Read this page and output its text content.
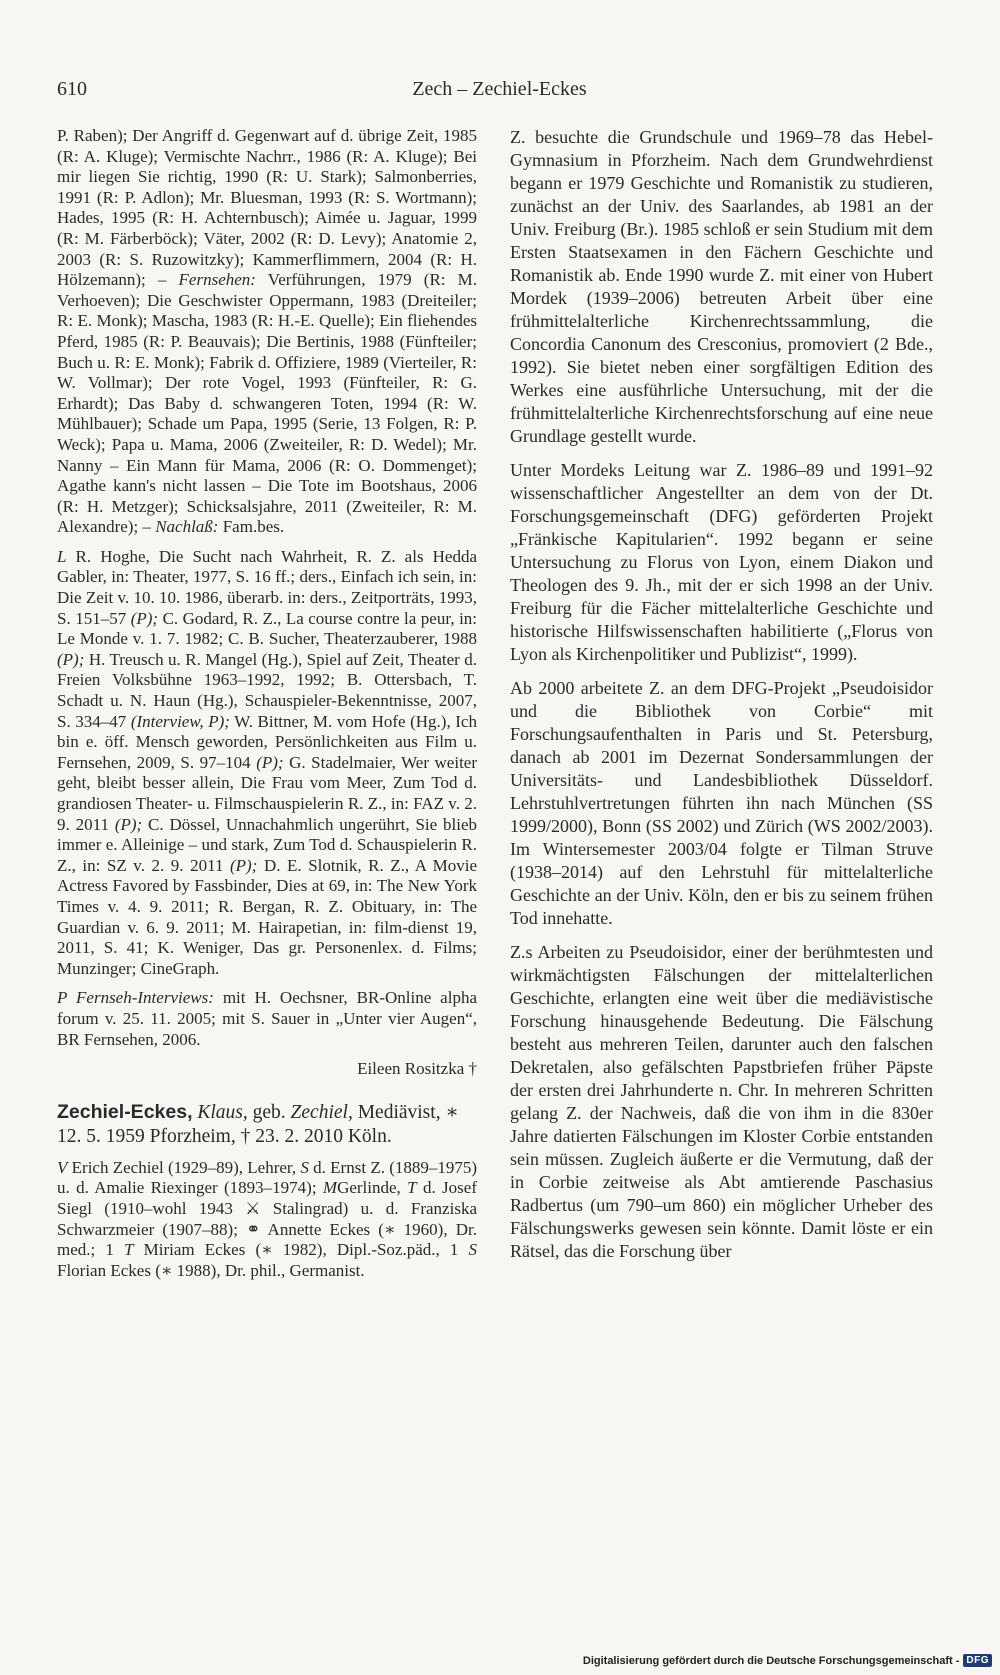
610	Zech – Zechiel-Eckes

P. Raben); Der Angriff d. Gegenwart auf d. übrige Zeit, 1985 (R: A. Kluge); Vermischte Nachrr., 1986 (R: A. Kluge); Bei mir liegen Sie richtig, 1990 (R: U. Stark); Salmonberries, 1991 (R: P. Adlon); Mr. Bluesman, 1993 (R: S. Wortmann); Hades, 1995 (R: H. Achternbusch); Aimée u. Jaguar, 1999 (R: M. Färberböck); Väter, 2002 (R: D. Levy); Anatomie 2, 2003 (R: S. Ruzowitzky); Kammerflimmern, 2004 (R: H. Hölzemann); – Fernsehen: Verführungen, 1979 (R: M. Verhoeven); Die Geschwister Oppermann, 1983 (Dreiteiler; R: E. Monk); Mascha, 1983 (R: H.-E. Quelle); Ein fliehendes Pferd, 1985 (R: P. Beauvais); Die Bertinis, 1988 (Fünfteiler; Buch u. R: E. Monk); Fabrik d. Offiziere, 1989 (Vierteiler, R: W. Vollmar); Der rote Vogel, 1993 (Fünfteiler, R: G. Erhardt); Das Baby d. schwangeren Toten, 1994 (R: W. Mühlbauer); Schade um Papa, 1995 (Serie, 13 Folgen, R: P. Weck); Papa u. Mama, 2006 (Zweiteiler, R: D. Wedel); Mr. Nanny – Ein Mann für Mama, 2006 (R: O. Dommenget); Agathe kann's nicht lassen – Die Tote im Bootshaus, 2006 (R: H. Metzger); Schicksalsjahre, 2011 (Zweiteiler, R: M. Alexandre); – Nachlaß: Fam.bes.

L R. Hoghe, Die Sucht nach Wahrheit, R. Z. als Hedda Gabler, in: Theater, 1977, S. 16 ff.; ders., Einfach ich sein, in: Die Zeit v. 10. 10. 1986, überarb. in: ders., Zeitporträts, 1993, S. 151–57 (P); C. Godard, R. Z., La course contre la peur, in: Le Monde v. 1. 7. 1982; C. B. Sucher, Theaterzauberer, 1988 (P); H. Treusch u. R. Mangel (Hg.), Spiel auf Zeit, Theater d. Freien Volksbühne 1963–1992, 1992; B. Ottersbach, T. Schadt u. N. Haun (Hg.), Schauspieler-Bekenntnisse, 2007, S. 334–47 (Interview, P); W. Bittner, M. vom Hofe (Hg.), Ich bin e. öff. Mensch geworden, Persönlichkeiten aus Film u. Fernsehen, 2009, S. 97–104 (P); G. Stadelmaier, Wer weiter geht, bleibt besser allein, Die Frau vom Meer, Zum Tod d. grandiosen Theater- u. Filmschauspielerin R. Z., in: FAZ v. 2. 9. 2011 (P); C. Dössel, Unnachahmlich ungerührt, Sie blieb immer e. Alleinige – und stark, Zum Tod d. Schauspielerin R. Z., in: SZ v. 2. 9. 2011 (P); D. E. Slotnik, R. Z., A Movie Actress Favored by Fassbinder, Dies at 69, in: The New York Times v. 4. 9. 2011; R. Bergan, R. Z. Obituary, in: The Guardian v. 6. 9. 2011; M. Hairapetian, in: film-dienst 19, 2011, S. 41; K. Weniger, Das gr. Personenlex. d. Films; Munzinger; CineGraph.

P Fernseh-Interviews: mit H. Oechsner, BR-Online alpha forum v. 25. 11. 2005; mit S. Sauer in „Unter vier Augen“, BR Fernsehen, 2006.

Eileen Rositzka †

Zechiel-Eckes, Klaus, geb. Zechiel, Mediävist, ∗ 12. 5. 1959 Pforzheim, † 23. 2. 2010 Köln.

V Erich Zechiel (1929–89), Lehrer, S d. Ernst Z. (1889–1975) u. d. Amalie Riexinger (1893–1974); MGerlinde, T d. Josef Siegl (1910–wohl 1943 ⚔ Stalingrad) u. d. Franziska Schwarzmeier (1907–88); ⚭ Annette Eckes (∗ 1960), Dr. med.; 1 T Miriam Eckes (∗ 1982), Dipl.-Soz.päd., 1 S Florian Eckes (∗ 1988), Dr. phil., Germanist.

Z. besuchte die Grundschule und 1969–78 das Hebel-Gymnasium in Pforzheim. Nach dem Grundwehrdienst begann er 1979 Geschichte und Romanistik zu studieren, zunächst an der Univ. des Saarlandes, ab 1981 an der Univ. Freiburg (Br.). 1985 schloß er sein Studium mit dem Ersten Staatsexamen in den Fächern Geschichte und Romanistik ab. Ende 1990 wurde Z. mit einer von Hubert Mordek (1939–2006) betreuten Arbeit über eine frühmittelalterliche Kirchenrechtssammlung, die Concordia Canonum des Cresconius, promoviert (2 Bde., 1992). Sie bietet neben einer sorgfältigen Edition des Werkes eine ausführliche Untersuchung, mit der die frühmittelalterliche Kirchenrechtsforschung auf eine neue Grundlage gestellt wurde.

Unter Mordeks Leitung war Z. 1986–89 und 1991–92 wissenschaftlicher Angestellter an dem von der Dt. Forschungsgemeinschaft (DFG) geförderten Projekt „Fränkische Kapitularien“. 1992 begann er seine Untersuchung zu Florus von Lyon, einem Diakon und Theologen des 9. Jh., mit der er sich 1998 an der Univ. Freiburg für die Fächer mittelalterliche Geschichte und historische Hilfswissenschaften habilitierte („Florus von Lyon als Kirchenpolitiker und Publizist“, 1999).

Ab 2000 arbeitete Z. an dem DFG-Projekt „Pseudoisidor und die Bibliothek von Corbie“ mit Forschungsaufenthalten in Paris und St. Petersburg, danach ab 2001 im Dezernat Sondersammlungen der Universitäts- und Landesbibliothek Düsseldorf. Lehrstuhlvertretungen führten ihn nach München (SS 1999/2000), Bonn (SS 2002) und Zürich (WS 2002/2003). Im Wintersemester 2003/04 folgte er Tilman Struve (1938–2014) auf den Lehrstuhl für mittelalterliche Geschichte an der Univ. Köln, den er bis zu seinem frühen Tod innehatte.

Z.s Arbeiten zu Pseudoisidor, einer der berühmtesten und wirkmächtigsten Fälschungen der mittelalterlichen Geschichte, erlangten eine weit über die mediävistische Forschung hinausgehende Bedeutung. Die Fälschung besteht aus mehreren Teilen, darunter auch den falschen Dekretalen, also gefälschten Papstbriefen früher Päpste der ersten drei Jahrhunderte n. Chr. In mehreren Schritten gelang Z. der Nachweis, daß die von ihm in die 830er Jahre datierten Fälschungen im Kloster Corbie entstanden sein müssen. Zugleich äußerte er die Vermutung, daß der in Corbie zeitweise als Abt amtierende Paschasius Radbertus (um 790–um 860) ein möglicher Urheber des Fälschungswerks gewesen sein könnte. Damit löste er ein Rätsel, das die Forschung über

Digitalisierung gefördert durch die Deutsche Forschungsgemeinschaft - DFG
